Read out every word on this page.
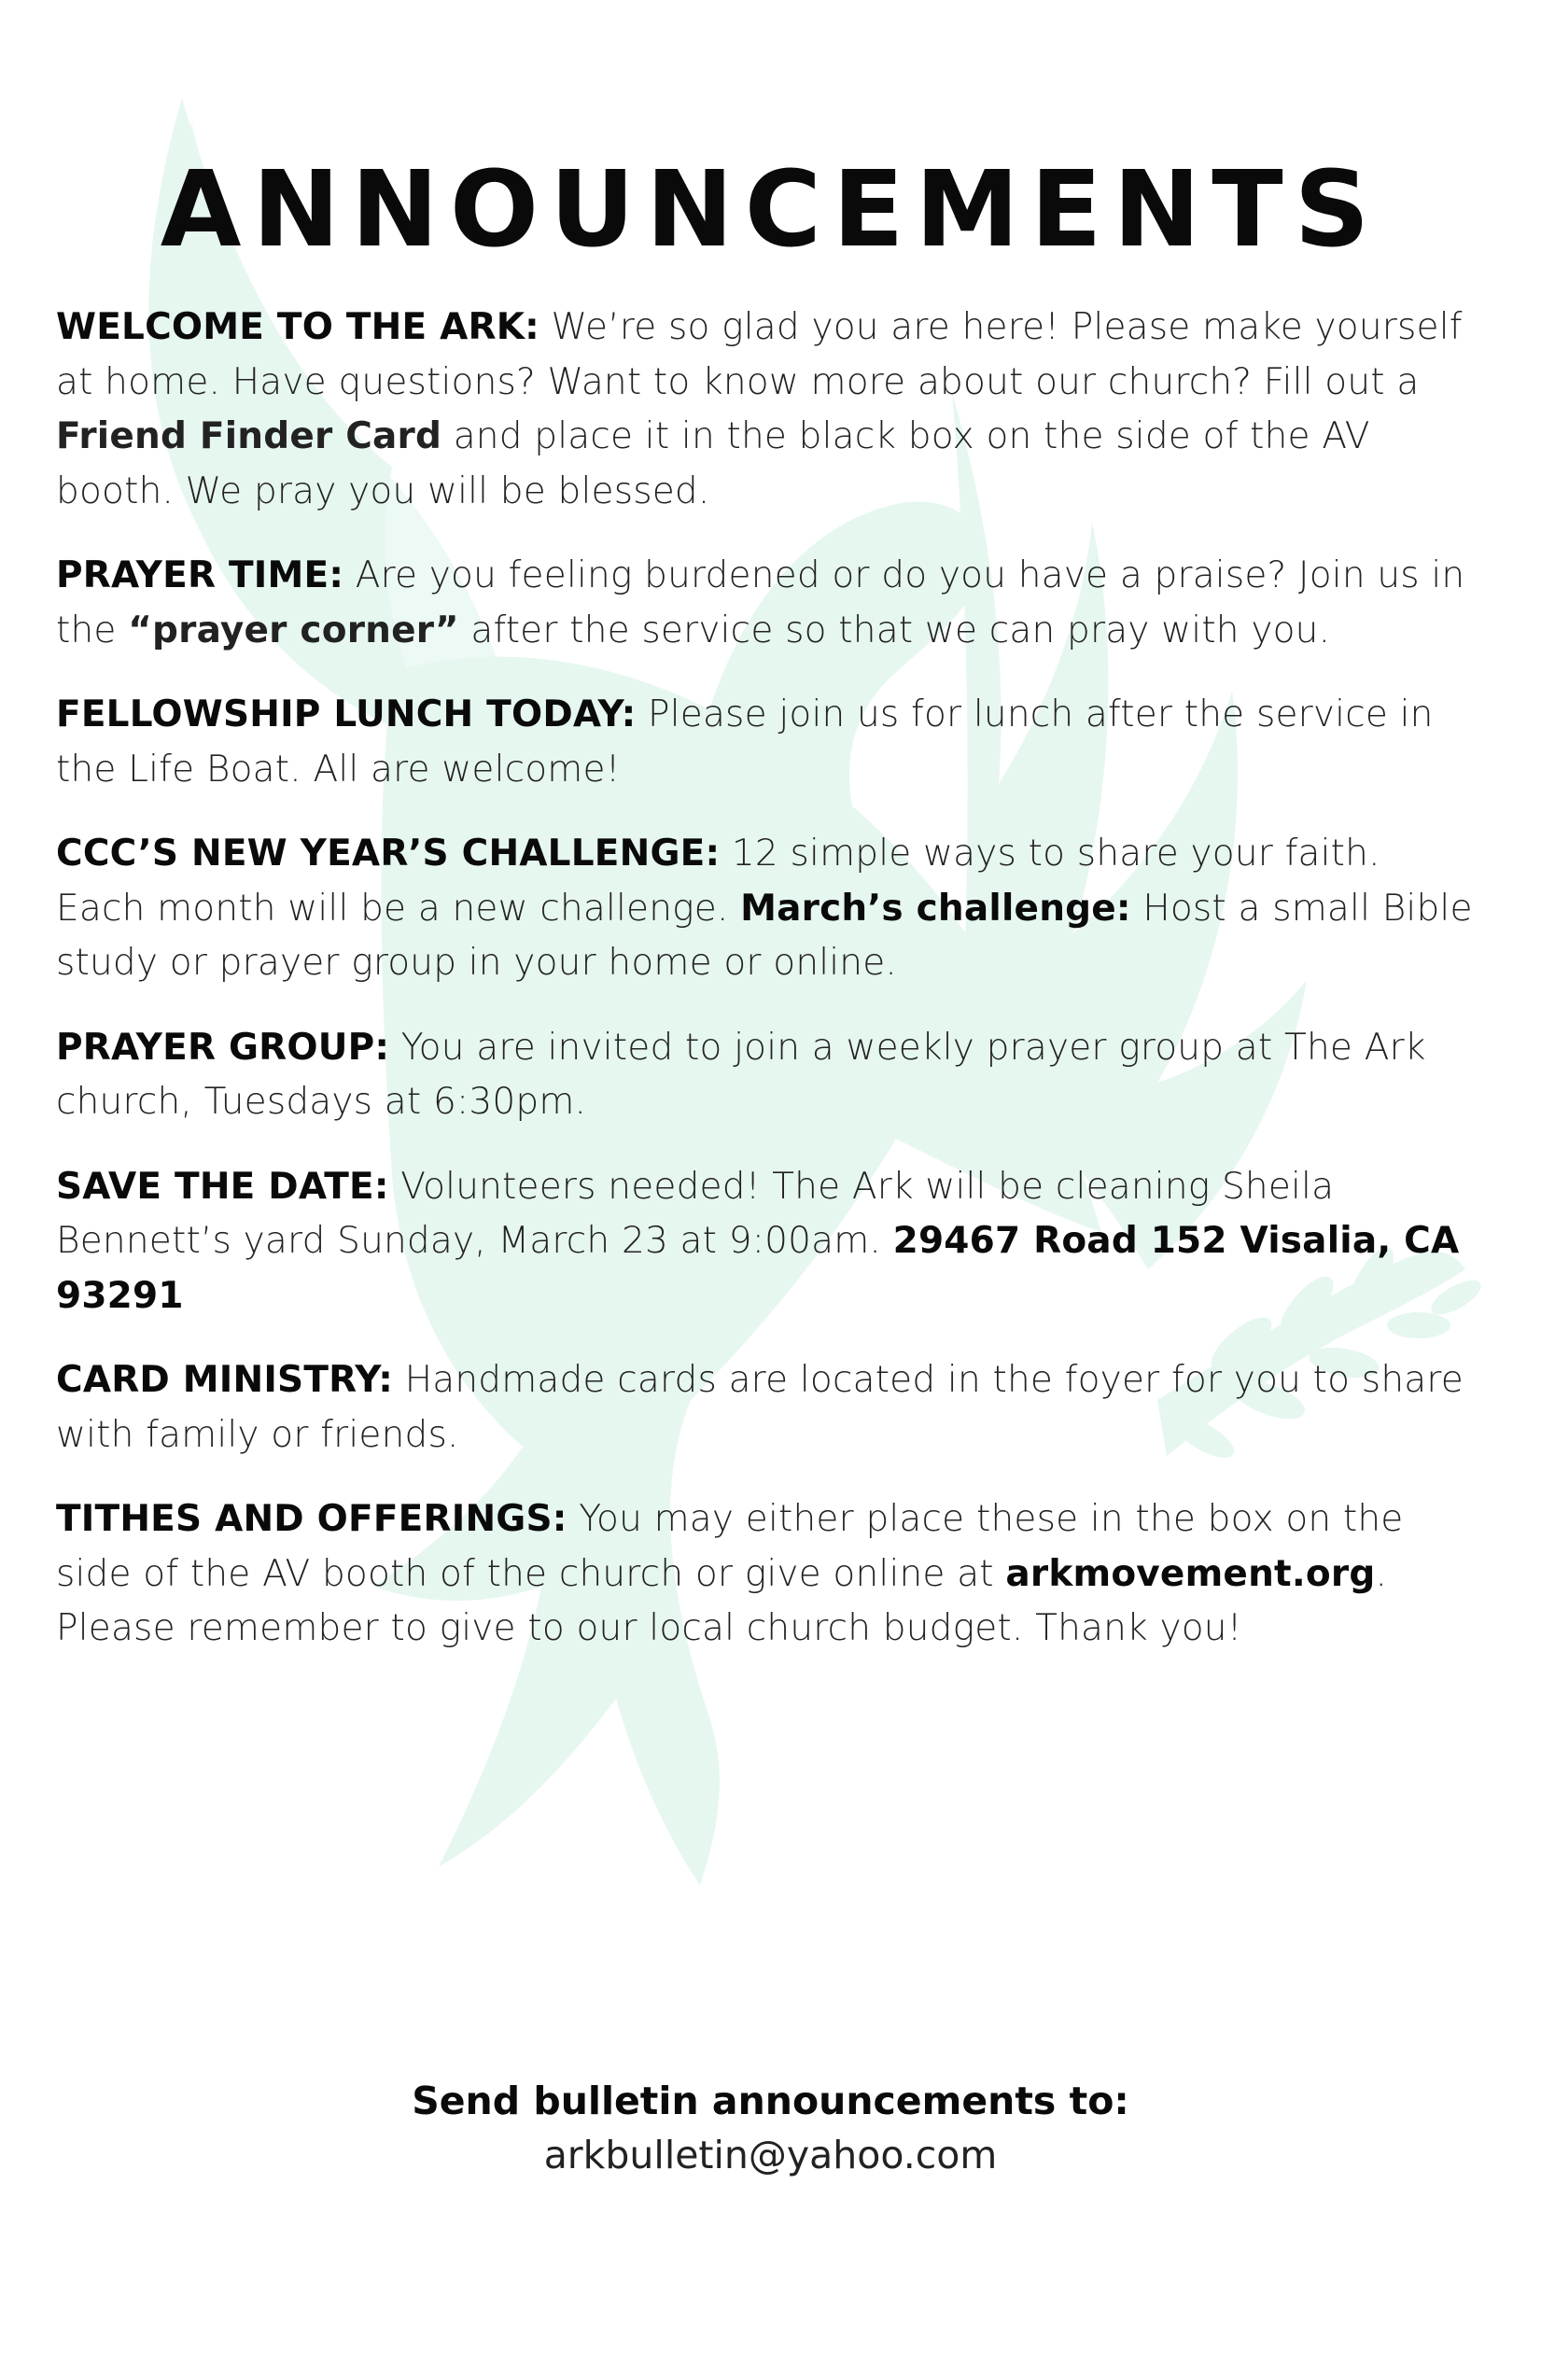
ANNOUNCEMENTS

WELCOME TO THE ARK: We’re so glad you are here! Please make yourself at home. Have questions? Want to know more about our church? Fill out a Friend Finder Card and place it in the black box on the side of the AV booth. We pray you will be blessed.

PRAYER TIME: Are you feeling burdened or do you have a praise? Join us in the “prayer corner” after the service so that we can pray with you.

FELLOWSHIP LUNCH TODAY: Please join us for lunch after the service in the Life Boat. All are welcome!

CCC’S NEW YEAR’S CHALLENGE: 12 simple ways to share your faith. Each month will be a new challenge. March’s challenge: Host a small Bible study or prayer group in your home or online.

PRAYER GROUP: You are invited to join a weekly prayer group at The Ark church, Tuesdays at 6:30pm.

SAVE THE DATE: Volunteers needed! The Ark will be cleaning Sheila Bennett’s yard Sunday, March 23 at 9:00am. 29467 Road 152 Visalia, CA 93291

CARD MINISTRY: Handmade cards are located in the foyer for you to share with family or friends.

TITHES AND OFFERINGS: You may either place these in the box on the side of the AV booth of the church or give online at arkmovement.org. Please remember to give to our local church budget. Thank you!

Send bulletin announcements to:
arkbulletin@yahoo.com
